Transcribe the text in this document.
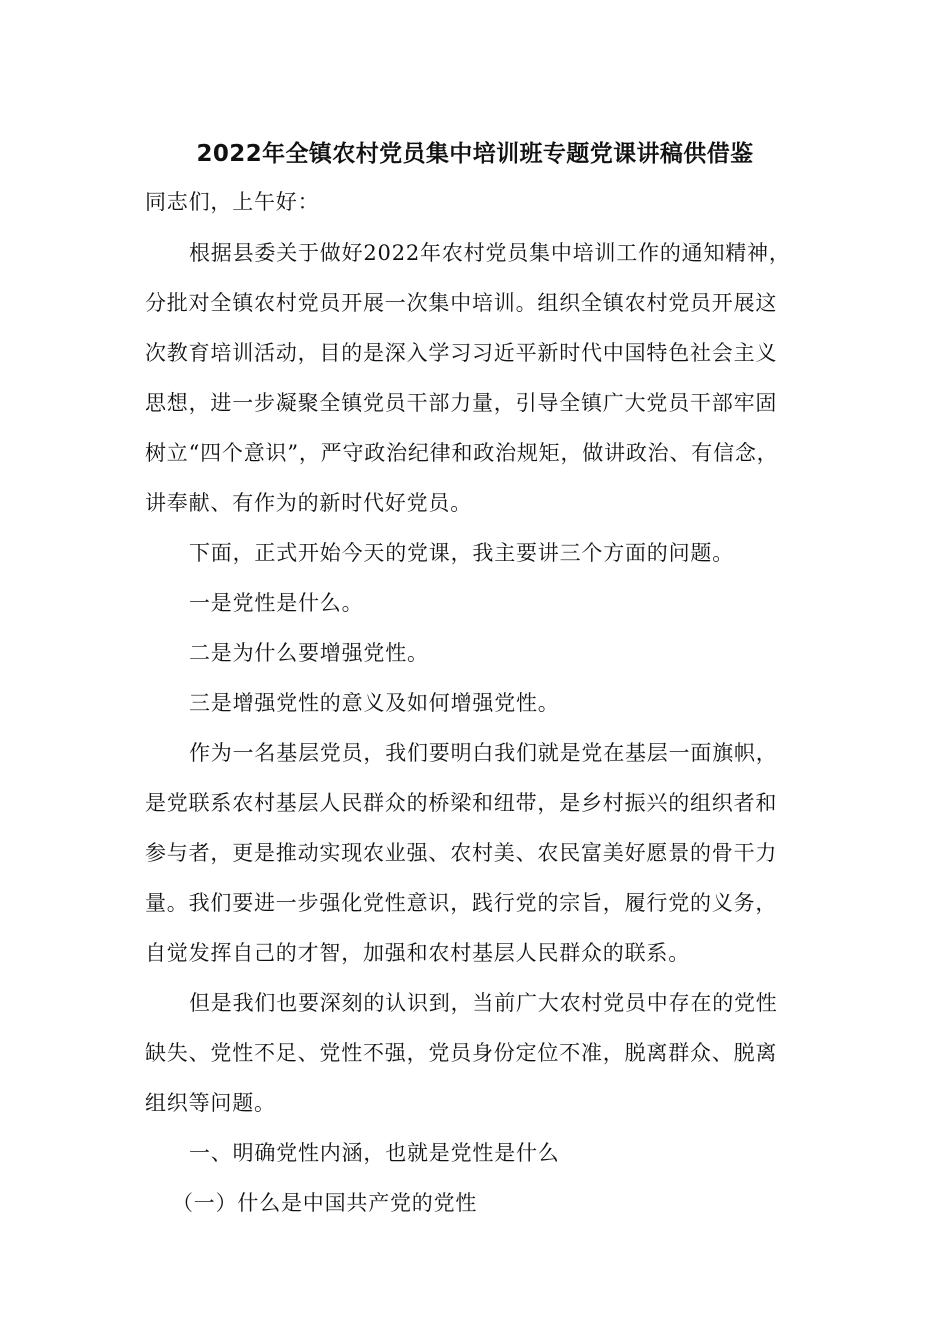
2022年全镇农村党员集中培训班专题党课讲稿供借鉴
同志们，上午好：
根据县委关于做好2022年农村党员集中培训工作的通知精神，
分批对全镇农村党员开展一次集中培训。组织全镇农村党员开展这
次教育培训活动，目的是深入学习习近平新时代中国特色社会主义
思想，进一步凝聚全镇党员干部力量，引导全镇广大党员干部牢固
树立“四个意识”，严守政治纪律和政治规矩，做讲政治、有信念，
讲奉献、有作为的新时代好党员。
下面，正式开始今天的党课，我主要讲三个方面的问题。
一是党性是什么。
二是为什么要增强党性。
三是增强党性的意义及如何增强党性。
作为一名基层党员，我们要明白我们就是党在基层一面旗帜，
是党联系农村基层人民群众的桥梁和纽带，是乡村振兴的组织者和
参与者，更是推动实现农业强、农村美、农民富美好愿景的骨干力
量。我们要进一步强化党性意识，践行党的宗旨，履行党的义务，
自觉发挥自己的才智，加强和农村基层人民群众的联系。
但是我们也要深刻的认识到，当前广大农村党员中存在的党性
缺失、党性不足、党性不强，党员身份定位不准，脱离群众、脱离
组织等问题。
一、明确党性内涵，也就是党性是什么
（一）什么是中国共产党的党性
